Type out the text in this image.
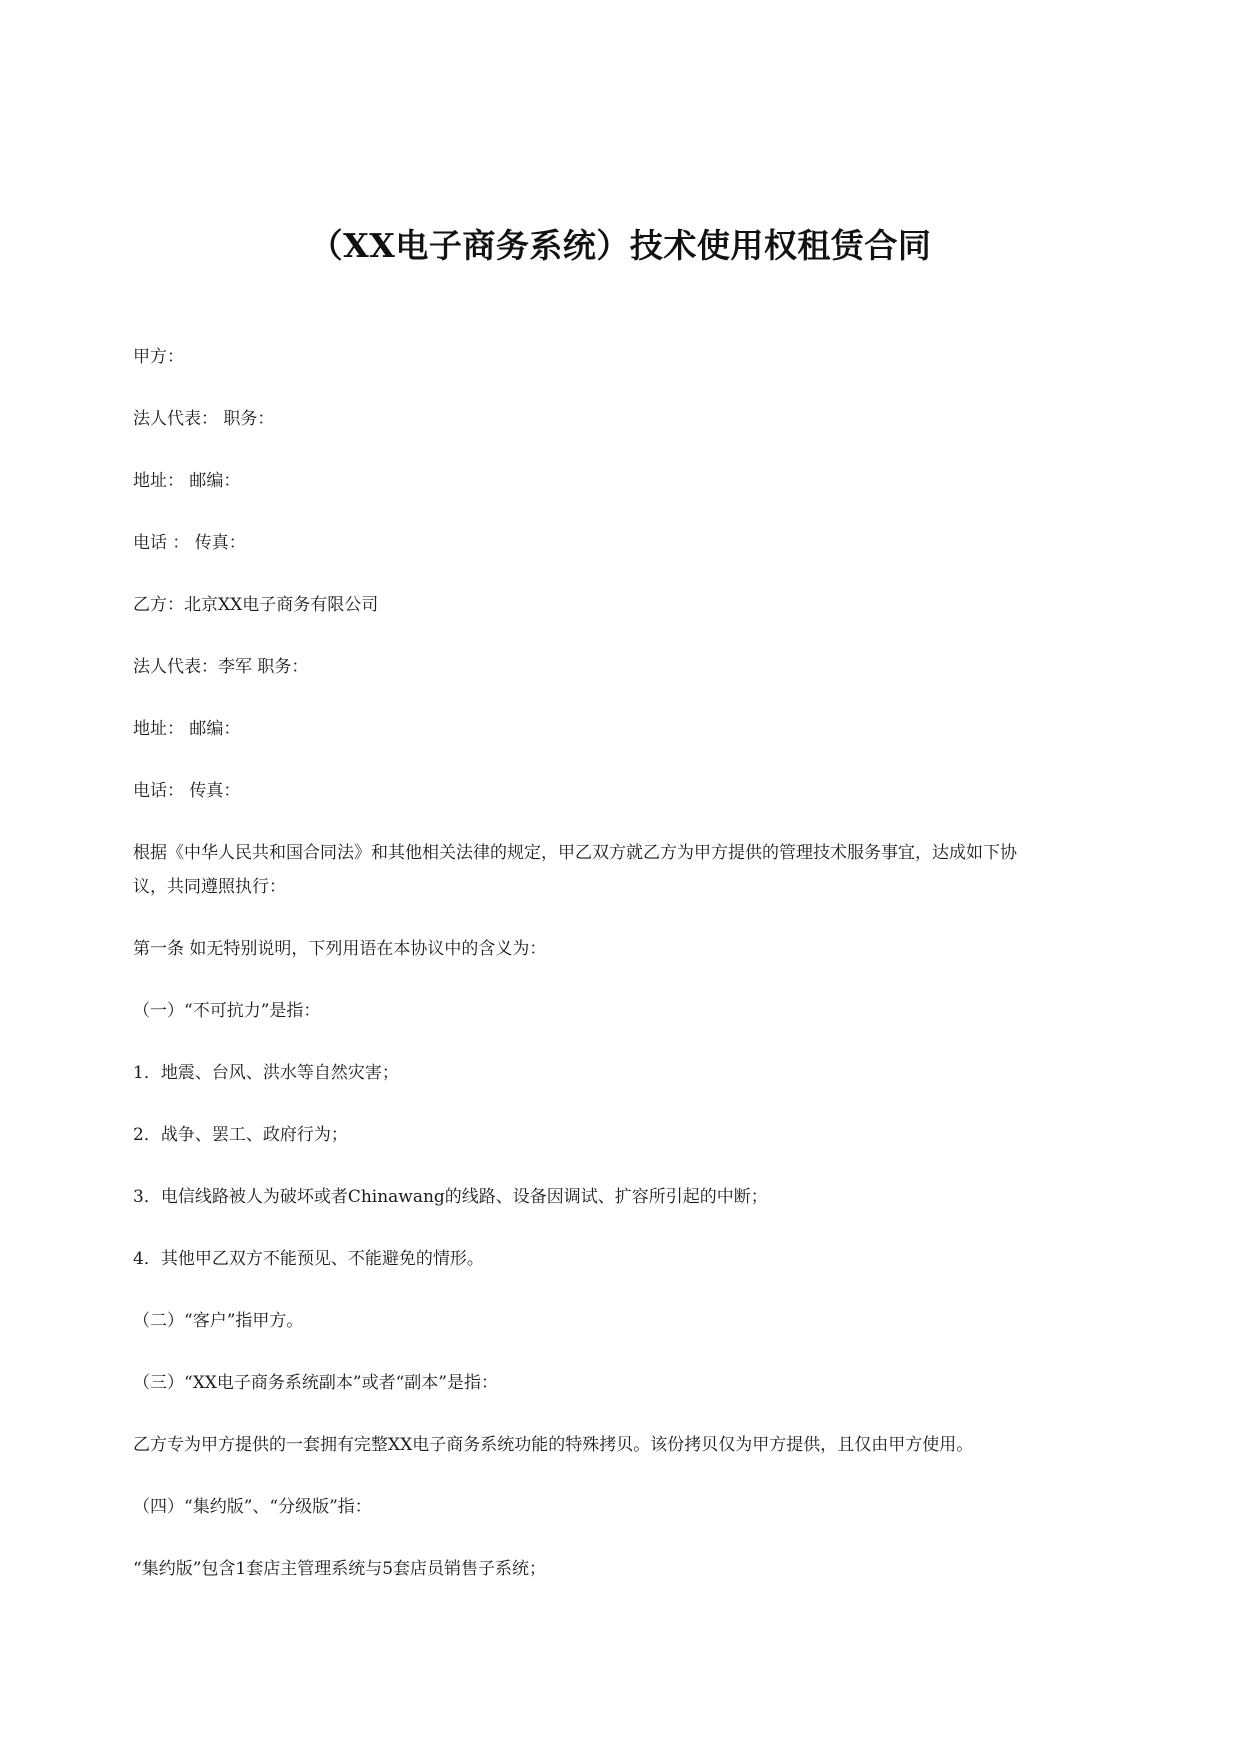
（XX电子商务系统）技术使用权租赁合同
甲方：
法人代表： 职务：
地址： 邮编：
电话 ： 传真：
乙方：北京XX电子商务有限公司
法人代表：李军 职务：
地址： 邮编：
电话： 传真：
根据《中华人民共和国合同法》和其他相关法律的规定，甲乙双方就乙方为甲方提供的管理技术服务事宜，达成如下协
议，共同遵照执行：
第一条 如无特别说明，下列用语在本协议中的含义为：
（一）“不可抗力”是指：
1．地震、台风、洪水等自然灾害；
2．战争、罢工、政府行为；
3．电信线路被人为破坏或者Chinawang的线路、设备因调试、扩容所引起的中断；
4．其他甲乙双方不能预见、不能避免的情形。
（二）“客户”指甲方。
（三）“XX电子商务系统副本”或者“副本”是指：
乙方专为甲方提供的一套拥有完整XX电子商务系统功能的特殊拷贝。该份拷贝仅为甲方提供，且仅由甲方使用。
（四）“集约版”、“分级版”指：
“集约版”包含1套店主管理系统与5套店员销售子系统；
